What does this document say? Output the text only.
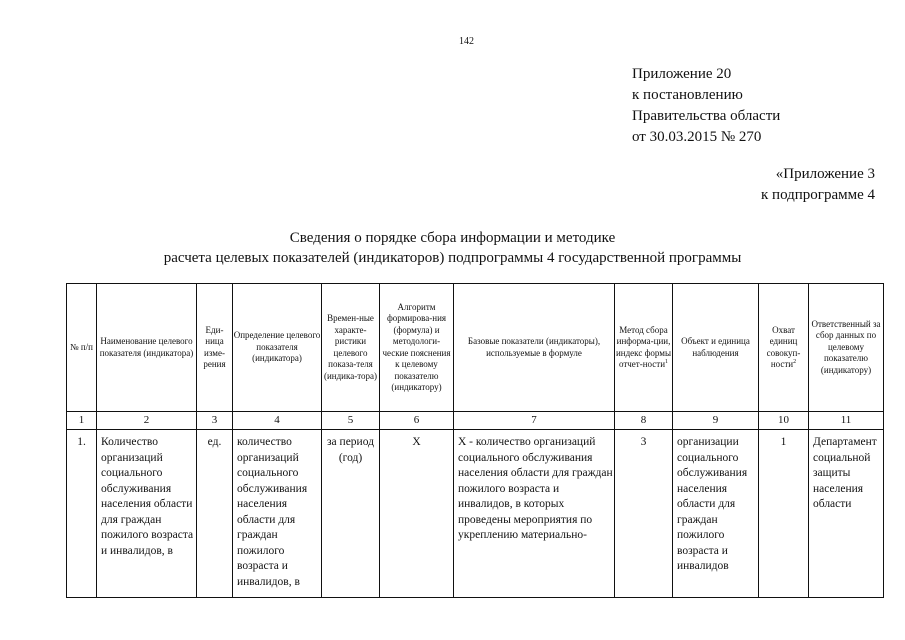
142
Приложение 20
к постановлению
Правительства области
от 30.03.2015 № 270
«Приложение 3
к подпрограмме 4
Сведения о порядке сбора информации и методике
расчета целевых показателей (индикаторов) подпрограммы 4 государственной программы
№ п/п	Наименование целевого показателя (индикатора)	Еди-ница изме-рения	Определение целевого показателя (индикатора)	Времен-ные характе-ристики целевого показа-теля (индика-тора)	Алгоритм формирова-ния (формула) и методологи-ческие пояснения к целевому показателю (индикатору)	Базовые показатели (индикаторы), используемые в формуле	Метод сбора информа-ции, индекс формы отчет-ности$^1$	Объект и единица наблюдения	Охват единиц совокуп-ности$^2$	Ответственный за сбор данных по целевому показателю (индикатору)
1	2	3	4	5	6	7	8	9	10	11
1.	Количество организаций социального обслуживания населения области для граждан пожилого возраста и инвалидов, в	ед.	количество организаций социального обслуживания населения области для граждан пожилого возраста и инвалидов, в	за период (год)	Х	Х - количество организаций социального обслуживания населения области для граждан пожилого возраста и инвалидов, в которых проведены мероприятия по укреплению материально-	3	организации социального обслуживания населения области для граждан пожилого возраста и инвалидов	1	Департамент социальной защиты населения области
